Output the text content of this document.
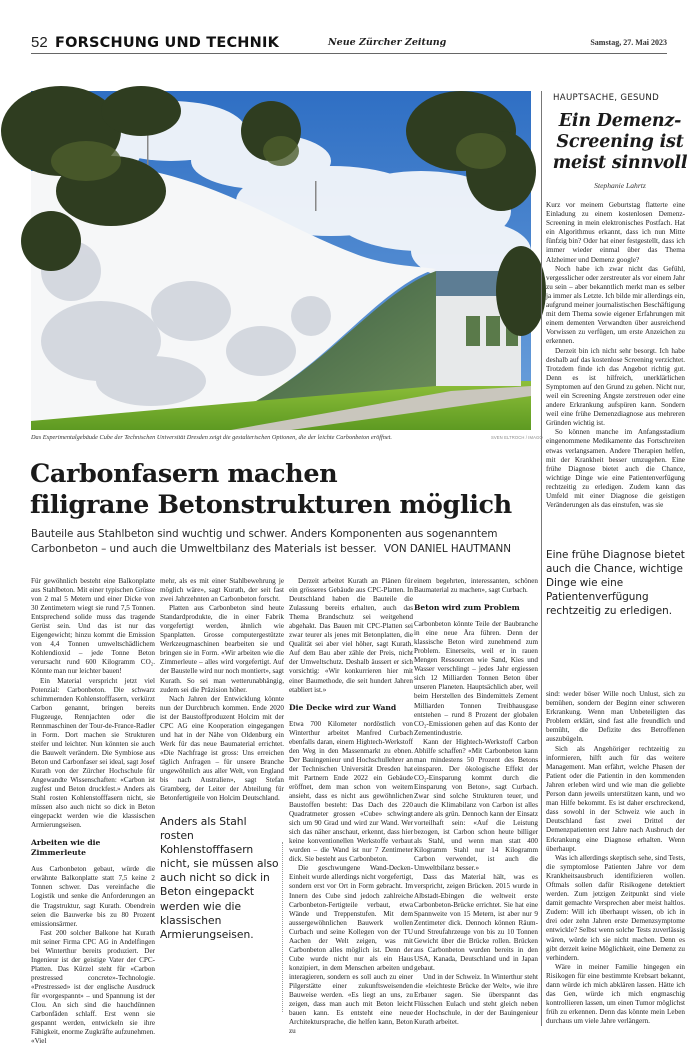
52 FORSCHUNG UND TECHNIK	Neue Zürcher Zeitung	Samstag, 27. Mai 2023
Das Experimentalgebäude Cube der Technischen Universität Dresden zeigt die gestalterischen Optionen, die der leichte Carbonbeton eröffnet.	SVEN ELTROCH / IMAGO
Carbonfasern machen
filigrane Betonstrukturen möglich

Bauteile aus Stahlbeton sind wuchtig und schwer. Anders Komponenten aus sogenanntem Carbonbeton – und auch die Umweltbilanz des Materials ist besser. VON DANIEL HAUTMANN

Für gewöhnlich besteht eine Balkonplatte aus Stahlbeton. Mit einer typischen Grösse von 2 mal 5 Metern und einer Dicke von 30 Zentimetern wiegt sie rund 7,5 Tonnen. Entsprechend solide muss das tragende Gerüst sein. Und das ist nur das Eigengewicht; hinzu kommt die Emission von 4,4 Tonnen umweltschädlichem Kohlendioxid – jede Tonne Beton verursacht rund 600 Kilogramm CO₂. Könnte man nur leichter bauen!

Ein Material verspricht jetzt viel Potenzial: Carbonbeton. Die schwarz schimmernden Kohlenstofffasern, verkürzt Carbon genannt, bringen bereits Flugzeuge, Rennjachten oder die Rennmaschinen der Tour-de-France-Radler in Form. Dort machen sie Strukturen steifer und leichter. Nun könnten sie auch die Bauwelt verändern. Die Symbiose aus Beton und Carbonfaser sei ideal, sagt Josef Kurath von der Zürcher Hochschule für Angewandte Wissenschaften: «Carbon ist zugfest und Beton druckfest.» Anders als Stahl rosten Kohlenstofffasern nicht, sie müssen also auch nicht so dick in Beton eingepackt werden wie die klassischen Armierungseisen.

Arbeiten wie die Zimmerleute

Aus Carbonbeton gebaut, würde die erwähnte Balkonplatte statt 7,5 keine 2 Tonnen schwer. Das vereinfache die Logistik und senke die Anforderungen an die Tragstruktur, sagt Kurath. Obendrein seien die Bauwerke bis zu 80 Prozent emissionsärmer.

Fast 200 solcher Balkone hat Kurath mit seiner Firma CPC AG in Andelfingen bei Winterthur bereits produziert. Der Ingenieur ist der geistige Vater der CPC-Platten. Das Kürzel steht für «Carbon prestressed concrete»-Technologie. «Prestressed» ist der englische Ausdruck für «vorgespannt» – und Spannung ist der Clou. An sich sind die hauchdünnen Carbonfäden schlaff. Erst wenn sie gespannt werden, entwickeln sie ihre Fähigkeit, enorme Zugkräfte aufzunehmen. «Viel

mehr, als es mit einer Stahlbewehrung je möglich wäre», sagt Kurath, der seit fast zwei Jahrzehnten an Carbonbeton forscht.

Platten aus Carbonbeton sind heute Standardprodukte, die in einer Fabrik vorgefertigt werden, ähnlich wie Spanplatten. Grosse computergestützte Werkzeugmaschinen bearbeiten sie und bringen sie in Form. «Wir arbeiten wie die Zimmerleute – alles wird vorgefertigt. Auf der Baustelle wird nur noch montiert», sagt Kurath. So sei man wetterunabhängig, zudem sei die Präzision höher.

Nach Jahren der Entwicklung könnte nun der Durchbruch kommen. Ende 2020 ist der Baustoffproduzent Holcim mit der CPC AG eine Kooperation eingegangen und hat in der Nähe von Oldenburg ein Werk für das neue Baumaterial errichtet. «Die Nachfrage ist gross: Uns erreichen täglich Anfragen – für unsere Branche ungewöhnlich aus aller Welt, von England bis nach Australien», sagt Stefan Gramberg, der Leiter der Abteilung für Betonfertigteile von Holcim Deutschland.

Anders als Stahl rosten Kohlenstofffasern nicht, sie müssen also auch nicht so dick in Beton eingepackt werden wie die klassischen Armierungseisen.

Derzeit arbeitet Kurath an Plänen für ein grösseres Gebäude aus CPC-Platten. In Deutschland haben die Bauteile die Zulassung bereits erhalten, auch das Thema Brandschutz sei weitgehend abgehakt. Das Bauen mit CPC-Platten sei zwar teurer als jenes mit Betonplatten, die Qualität sei aber viel höher, sagt Kurath. Auf dem Bau aber zähle der Preis, nicht der Umweltschutz. Deshalb äussert er sich vorsichtig: «Wir konkurrieren hier mit einer Baumethode, die seit hundert Jahren etabliert ist.»

Die Decke wird zur Wand

Etwa 700 Kilometer nordöstlich von Winterthur arbeitet Manfred Curbach ebenfalls daran, einem Hightech-Werkstoff den Weg in den Massenmarkt zu ebnen. Der Bauingenieur und Hochschullehrer an der Technischen Universität Dresden hat mit Partnern Ende 2022 ein Gebäude eröffnet, dem man schon von weitem ansieht, dass es nicht aus gewöhnlichen Baustoffen besteht: Das Dach des 220 Quadratmeter grossen «Cube» schwingt sich um 90 Grad und wird zur Wand. Wer sich das näher anschaut, erkennt, dass hier keine konventionellen Werkstoffe verbaut wurden – die Wand ist nur 7 Zentimeter dick. Sie besteht aus Carbonbeton.

Die geschwungene Wand-Decken-Einheit wurde allerdings nicht vorgefertigt, sondern erst vor Ort in Form gebracht. Im Innern des Cube sind jedoch zahlreiche Carbonbeton-Fertigteile verbaut, etwa Wände und Treppenstufen. Mit dem aussergewöhnlichen Bauwerk wollen Curbach und seine Kollegen von der TU Aachen der Welt zeigen, was mit Carbonbeton alles möglich ist. Denn der Cube wurde nicht nur als ein Haus konzipiert, in dem Menschen arbeiten und interagieren, sondern es soll auch zu einer Pilgerstätte einer zukunftsweisenden Bauweise werden. «Es liegt an uns, zu zeigen, dass man auch mit Beton leicht bauen kann. Es entsteht eine neue Architektursprache, die helfen kann, Beton zu

einem begehrten, interessanten, schönen Baumaterial zu machen», sagt Curbach.

Beton wird zum Problem

Carbonbeton könnte Teile der Baubranche in eine neue Ära führen. Denn der klassische Beton wird zunehmend zum Problem. Einerseits, weil er in rauen Mengen Ressourcen wie Sand, Kies und Wasser verschlingt – jedes Jahr ergiessen sich 12 Milliarden Tonnen Beton über unseren Planeten. Hauptsächlich aber, weil beim Herstellen des Bindemittels Zement Milliarden Tonnen Treibhausgase entstehen – rund 8 Prozent der globalen CO₂-Emissionen gehen auf das Konto der Zementindustrie.

Kann der Hightech-Werkstoff Carbon Abhilfe schaffen? «Mit Carbonbeton kann man mindestens 50 Prozent des Betons einsparen. Der ökologische Effekt der CO₂-Einsparung kommt durch die Einsparung von Beton», sagt Curbach. Zwar sind solche Strukturen teuer, und auch die Klimabilanz von Carbon ist alles andere als grün. Dennoch kann der Einsatz vorteilhaft sein: «Auf die Leistung bezogen, ist Carbon schon heute billiger als Stahl, und wenn man statt 400 Kilogramm Stahl nur 14 Kilogramm Carbon verwendet, ist auch die Umweltbilanz besser.»

Dass das Material hält, was es verspricht, zeigen Brücken. 2015 wurde in Albstadt-Ebingen die weltweit erste Carbonbeton-Brücke errichtet. Sie hat eine Spannweite von 15 Metern, ist aber nur 9 Zentimeter dick. Dennoch können Räum- und Streufahrzeuge von bis zu 10 Tonnen Gewicht über die Brücke rollen. Brücken aus Carbonbeton wurden bereits in den USA, Kanada, Deutschland und in Japan gebaut.

Und in der Schweiz. In Winterthur steht die «leichteste Brücke der Welt», wie ihre Erbauer sagen. Sie überspannt das Flüsschen Eulach und steht gleich neben der Hochschule, in der der Bauingenieur Kurath arbeitet.

HAUPTSACHE, GESUND
Ein Demenz-
Screening ist
meist sinnvoll
Stephanie Lahrtz

Kurz vor meinem Geburtstag flatterte eine Einladung zu einem kostenlosen Demenz-Screening in mein elektronisches Postfach. Hat ein Algorithmus erkannt, dass ich nun Mitte fünfzig bin? Oder hat einer festgestellt, dass ich immer wieder einmal über das Thema Alzheimer und Demenz google?

Noch habe ich zwar nicht das Gefühl, vergesslicher oder zerstreuter als vor einem Jahr zu sein – aber bekanntlich merkt man es selber ja immer als Letzte. Ich bilde mir allerdings ein, aufgrund meiner journalistischen Beschäftigung mit dem Thema sowie eigener Erfahrungen mit einem dementen Verwandten über ausreichend Vorwissen zu verfügen, um erste Anzeichen zu erkennen.

Derzeit bin ich nicht sehr besorgt. Ich habe deshalb auf das kostenlose Screening verzichtet. Trotzdem finde ich das Angebot richtig gut. Denn es ist hilfreich, unerklärlichen Symptomen auf den Grund zu gehen. Nicht nur, weil ein Screening Ängste zerstreuen oder eine andere Erkrankung aufspüren kann. Sondern weil eine frühe Demenzdiagnose aus mehreren Gründen wichtig ist.

So können manche im Anfangsstadium eingenommene Medikamente das Fortschreiten etwas verlangsamen. Andere Therapien helfen, mit der Krankheit besser umzugehen. Eine frühe Diagnose bietet auch die Chance, wichtige Dinge wie eine Patientenverfügung rechtzeitig zu erledigen. Zudem kann das Umfeld mit einer Diagnose die geistigen Veränderungen als das einstufen, was sie

Eine frühe Diagnose bietet auch die Chance, wichtige Dinge wie eine Patientenverfügung rechtzeitig zu erledigen.

sind: weder böser Wille noch Unlust, sich zu bemühen, sondern der Beginn einer schweren Erkrankung. Wenn man Unbeteiligten das Problem erklärt, sind fast alle freundlich und bemüht, die Defizite des Betroffenen auszubügeln.

Sich als Angehöriger rechtzeitig zu informieren, hilft auch für das weitere Management. Man erfährt, welche Phasen der Patient oder die Patientin in den kommenden Jahren erleben wird und wie man die geliebte Person dann jeweils unterstützen kann, und wo man Hilfe bekommt. Es ist daher erschreckend, dass sowohl in der Schweiz wie auch in Deutschland fast zwei Drittel der Demenzpatienten erst Jahre nach Ausbruch der Erkrankung eine Diagnose erhalten. Wenn überhaupt.

Was ich allerdings skeptisch sehe, sind Tests, die symptomlose Patienten Jahre vor dem Krankheitsausbruch identifizieren wollen. Oftmals sollen dafür Risikogene detektiert werden. Zum jetzigen Zeitpunkt sind viele damit gemachte Versprechen aber meist haltlos. Zudem: Will ich überhaupt wissen, ob ich in drei oder zehn Jahren erste Demenzsymptome entwickle? Selbst wenn solche Tests zuverlässig wären, würde ich sie nicht machen. Denn es gibt derzeit keine Möglichkeit, eine Demenz zu verhindern.

Wäre in meiner Familie hingegen ein Risikogen für eine bestimmte Krebsart bekannt, dann würde ich mich abklären lassen. Hätte ich das Gen, würde ich mich engmaschig kontrollieren lassen, um einen Tumor möglichst früh zu erkennen. Denn das könnte mein Leben durchaus um viele Jahre verlängern.
